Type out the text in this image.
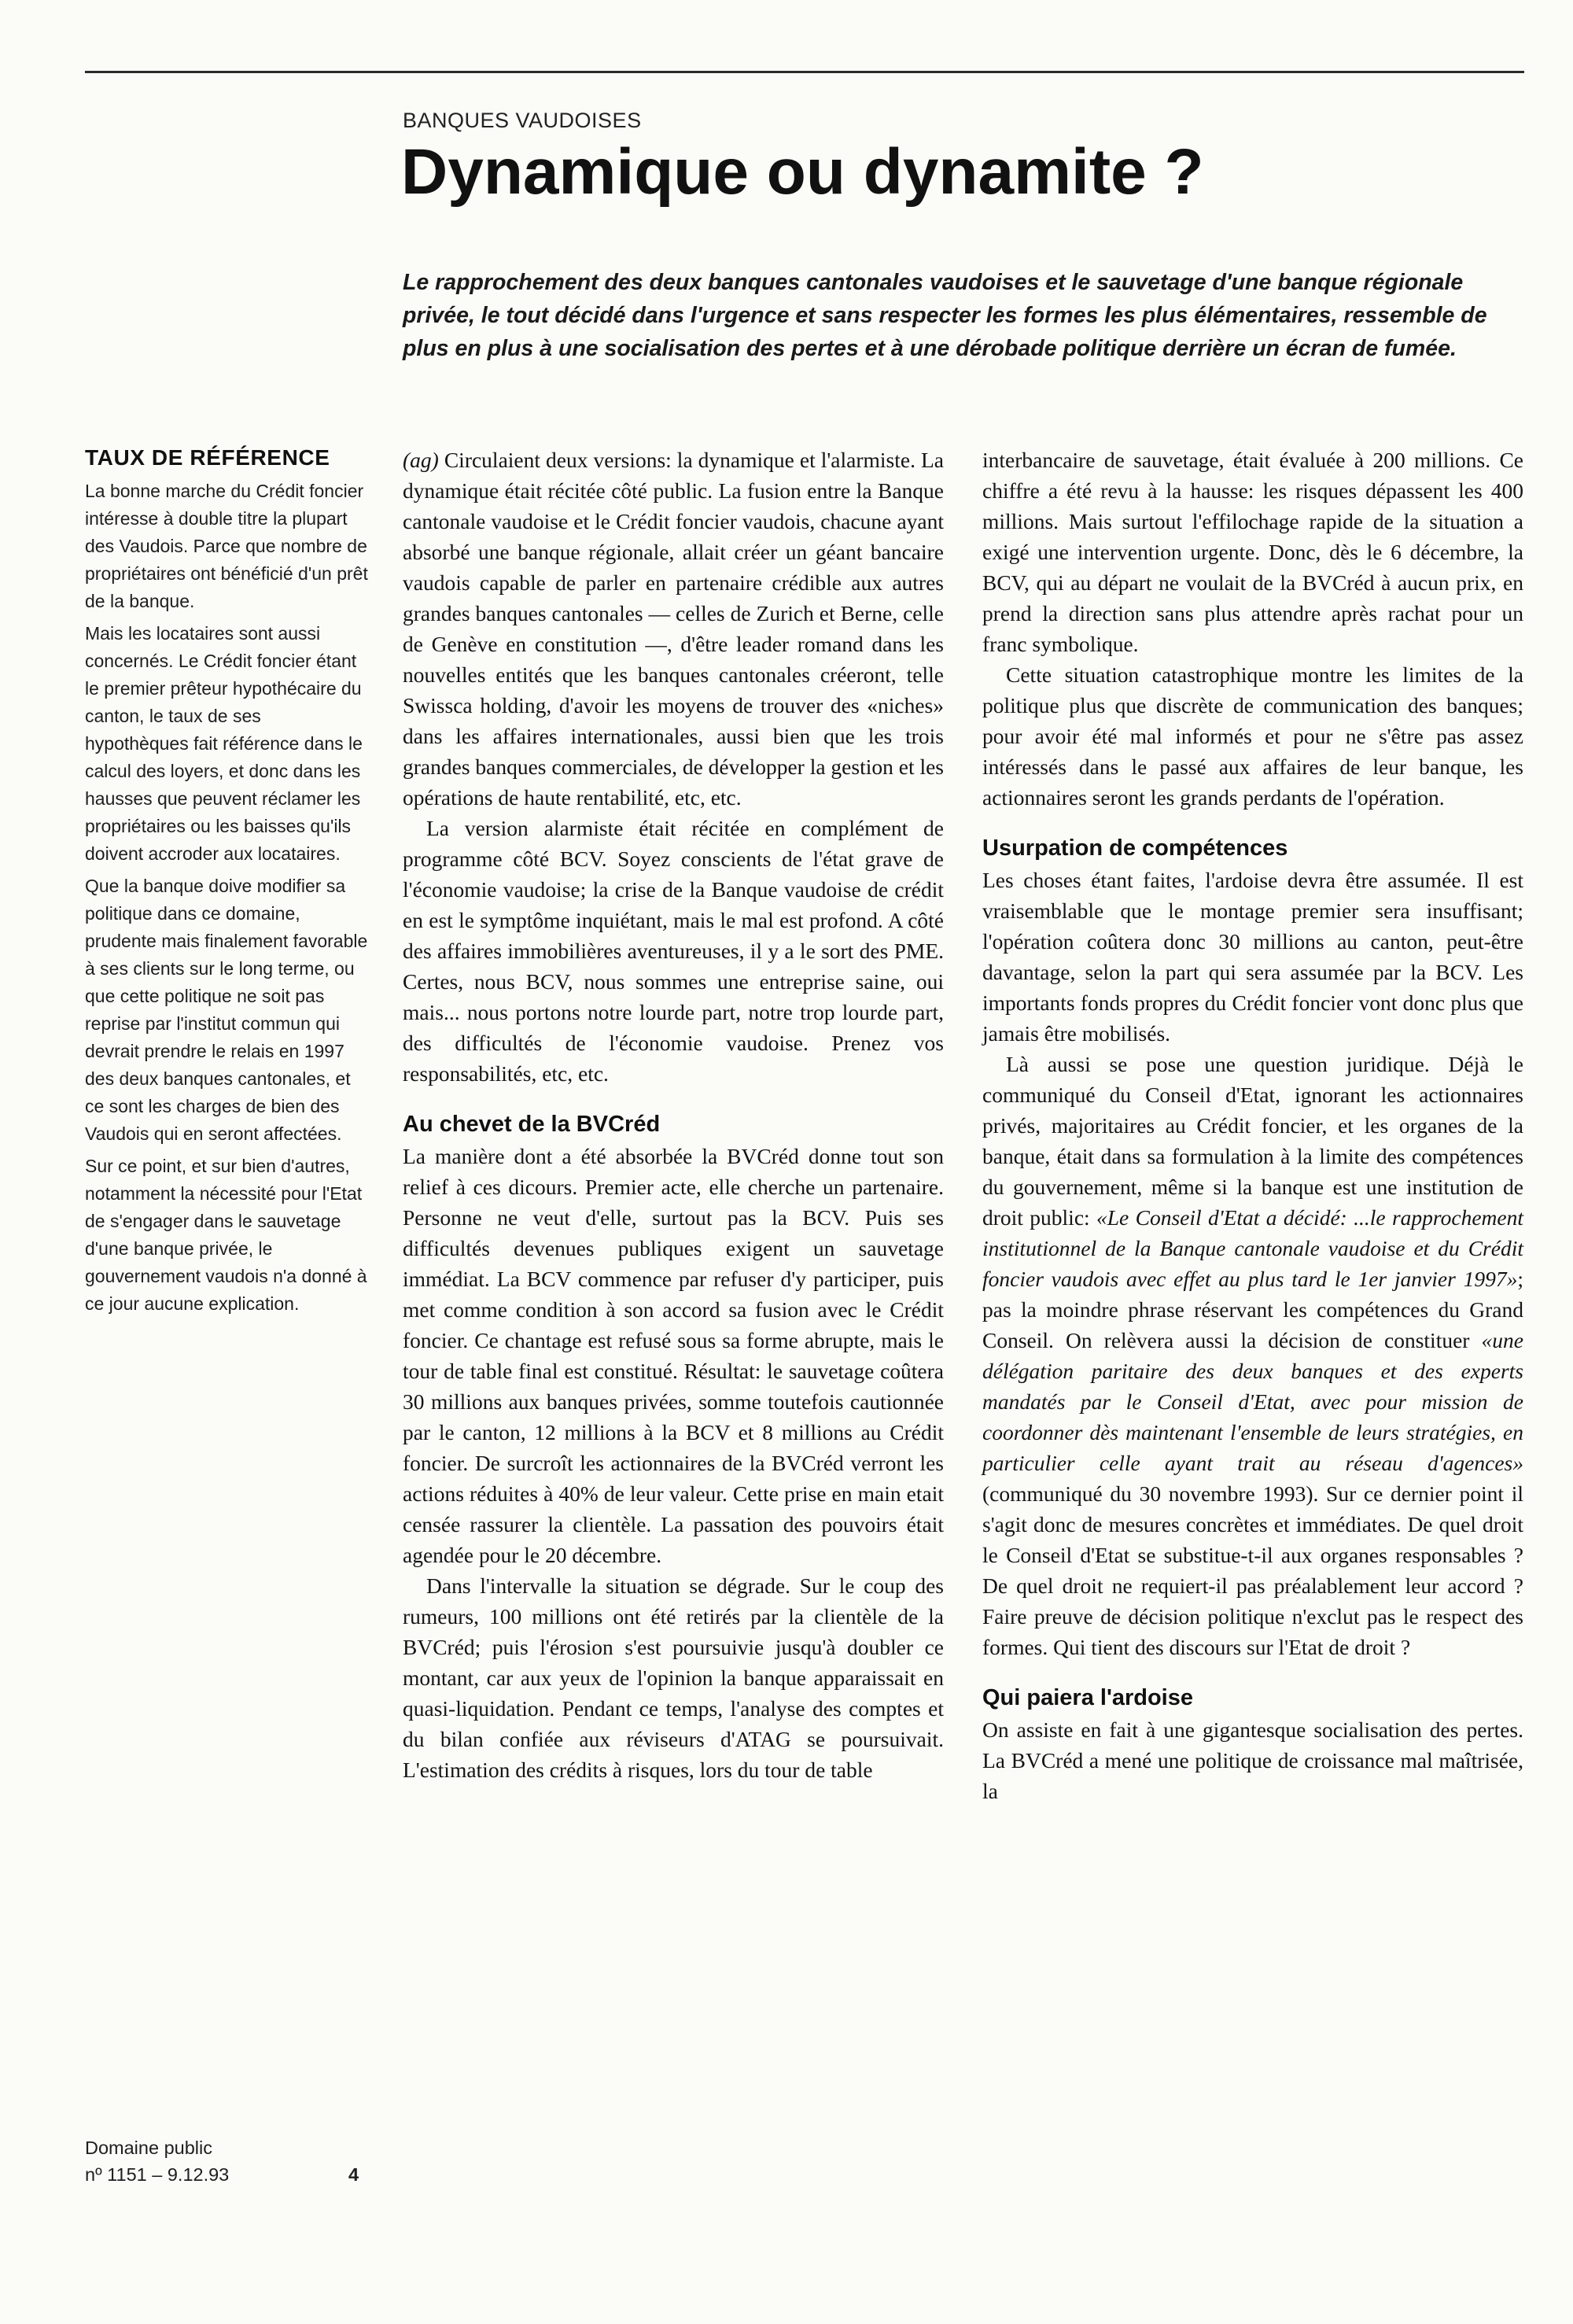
BANQUES VAUDOISES
Dynamique ou dynamite ?

Le rapprochement des deux banques cantonales vaudoises et le sauvetage d'une banque régionale privée, le tout décidé dans l'urgence et sans respecter les formes les plus élémentaires, ressemble de plus en plus à une socialisation des pertes et à une dérobade politique derrière un écran de fumée.

TAUX DE RÉFÉRENCE

La bonne marche du Crédit foncier intéresse à double titre la plupart des Vaudois. Parce que nombre de propriétaires ont bénéficié d'un prêt de la banque.

Mais les locataires sont aussi concernés. Le Crédit foncier étant le premier prêteur hypothécaire du canton, le taux de ses hypothèques fait référence dans le calcul des loyers, et donc dans les hausses que peuvent réclamer les propriétaires ou les baisses qu'ils doivent accroder aux locataires.

Que la banque doive modifier sa politique dans ce domaine, prudente mais finalement favorable à ses clients sur le long terme, ou que cette politique ne soit pas reprise par l'institut commun qui devrait prendre le relais en 1997 des deux banques cantonales, et ce sont les charges de bien des Vaudois qui en seront affectées.

Sur ce point, et sur bien d'autres, notamment la nécessité pour l'Etat de s'engager dans le sauvetage d'une banque privée, le gouvernement vaudois n'a donné à ce jour aucune explication.

Domaine public
nº 1151 – 9.12.93	4

(ag) Circulaient deux versions: la dynamique et l'alarmiste. La dynamique était récitée côté public. La fusion entre la Banque cantonale vaudoise et le Crédit foncier vaudois, chacune ayant absorbé une banque régionale, allait créer un géant bancaire vaudois capable de parler en partenaire crédible aux autres grandes banques cantonales — celles de Zurich et Berne, celle de Genève en constitution —, d'être leader romand dans les nouvelles entités que les banques cantonales créeront, telle Swissca holding, d'avoir les moyens de trouver des «niches» dans les affaires internationales, aussi bien que les trois grandes banques commerciales, de développer la gestion et les opérations de haute rentabilité, etc, etc.

La version alarmiste était récitée en complément de programme côté BCV. Soyez conscients de l'état grave de l'économie vaudoise; la crise de la Banque vaudoise de crédit en est le symptôme inquiétant, mais le mal est profond. A côté des affaires immobilières aventureuses, il y a le sort des PME. Certes, nous BCV, nous sommes une entreprise saine, oui mais... nous portons notre lourde part, notre trop lourde part, des difficultés de l'économie vaudoise. Prenez vos responsabilités, etc, etc.

Au chevet de la BVCréd

La manière dont a été absorbée la BVCréd donne tout son relief à ces dicours. Premier acte, elle cherche un partenaire. Personne ne veut d'elle, surtout pas la BCV. Puis ses difficultés devenues publiques exigent un sauvetage immédiat. La BCV commence par refuser d'y participer, puis met comme condition à son accord sa fusion avec le Crédit foncier. Ce chantage est refusé sous sa forme abrupte, mais le tour de table final est constitué. Résultat: le sauvetage coûtera 30 millions aux banques privées, somme toutefois cautionnée par le canton, 12 millions à la BCV et 8 millions au Crédit foncier. De surcroît les actionnaires de la BVCréd verront les actions réduites à 40% de leur valeur. Cette prise en main etait censée rassurer la clientèle. La passation des pouvoirs était agendée pour le 20 décembre.

Dans l'intervalle la situation se dégrade. Sur le coup des rumeurs, 100 millions ont été retirés par la clientèle de la BVCréd; puis l'érosion s'est poursuivie jusqu'à doubler ce montant, car aux yeux de l'opinion la banque apparaissait en quasi-liquidation. Pendant ce temps, l'analyse des comptes et du bilan confiée aux réviseurs d'ATAG se poursuivait. L'estimation des crédits à risques, lors du tour de table

interbancaire de sauvetage, était évaluée à 200 millions. Ce chiffre a été revu à la hausse: les risques dépassent les 400 millions. Mais surtout l'effilochage rapide de la situation a exigé une intervention urgente. Donc, dès le 6 décembre, la BCV, qui au départ ne voulait de la BVCréd à aucun prix, en prend la direction sans plus attendre après rachat pour un franc symbolique.

Cette situation catastrophique montre les limites de la politique plus que discrète de communication des banques; pour avoir été mal informés et pour ne s'être pas assez intéressés dans le passé aux affaires de leur banque, les actionnaires seront les grands perdants de l'opération.

Usurpation de compétences

Les choses étant faites, l'ardoise devra être assumée. Il est vraisemblable que le montage premier sera insuffisant; l'opération coûtera donc 30 millions au canton, peut-être davantage, selon la part qui sera assumée par la BCV. Les importants fonds propres du Crédit foncier vont donc plus que jamais être mobilisés.

Là aussi se pose une question juridique. Déjà le communiqué du Conseil d'Etat, ignorant les actionnaires privés, majoritaires au Crédit foncier, et les organes de la banque, était dans sa formulation à la limite des compétences du gouvernement, même si la banque est une institution de droit public: «Le Conseil d'Etat a décidé: ...le rapprochement institutionnel de la Banque cantonale vaudoise et du Crédit foncier vaudois avec effet au plus tard le 1er janvier 1997»; pas la moindre phrase réservant les compétences du Grand Conseil. On relèvera aussi la décision de constituer «une délégation paritaire des deux banques et des experts mandatés par le Conseil d'Etat, avec pour mission de coordonner dès maintenant l'ensemble de leurs stratégies, en particulier celle ayant trait au réseau d'agences» (communiqué du 30 novembre 1993). Sur ce dernier point il s'agit donc de mesures concrètes et immédiates. De quel droit le Conseil d'Etat se substitue-t-il aux organes responsables ? De quel droit ne requiert-il pas préalablement leur accord ? Faire preuve de décision politique n'exclut pas le respect des formes. Qui tient des discours sur l'Etat de droit ?

Qui paiera l'ardoise

On assiste en fait à une gigantesque socialisation des pertes. La BVCréd a mené une politique de croissance mal maîtrisée, la
